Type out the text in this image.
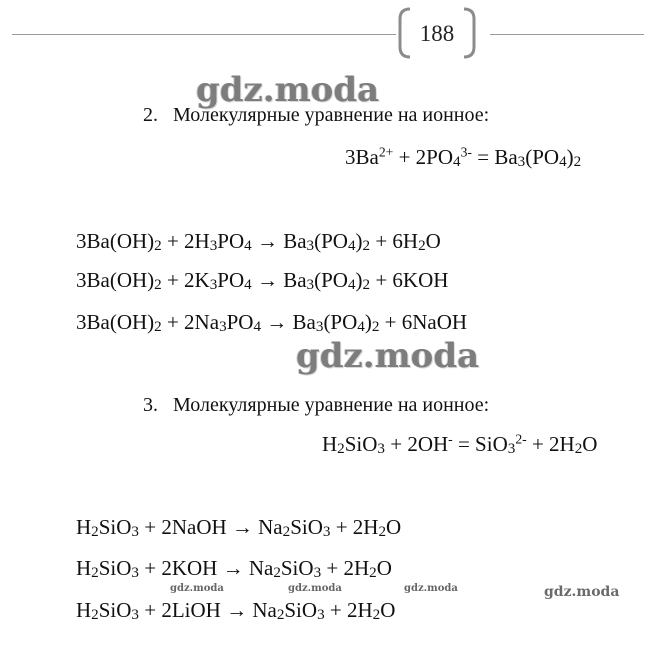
188
gdz.moda
gdz.moda
gdz.moda
gdz.moda	gdz.moda	gdz.moda
2. Молекулярные уравнение на ионное:
$3Ba^{2+} + 2PO_4^{3-} = Ba_3(PO_4)_2$
$3Ba(OH)_2 + 2H_3PO_4 \to Ba_3(PO_4)_2 + 6H_2O$
$3Ba(OH)_2 + 2K_3PO_4 \to Ba_3(PO_4)_2 + 6KOH$
$3Ba(OH)_2 + 2Na_3PO_4 \to Ba_3(PO_4)_2$ + 6NaOH
3. Молекулярные уравнение на ионное:
$H_2SiO_3 + 2OH^- = SiO_3^{2-} + 2H_2O$
$H_2SiO_3$ + 2NaOH → $Na_2SiO_3 + 2H_2O$
$H_2SiO_3 + 2KOH \to Na_2SiO_3 + 2H_2O$
$H_2SiO_3$ + 2LiOH → $Na_2SiO_3 + 2H_2O$
